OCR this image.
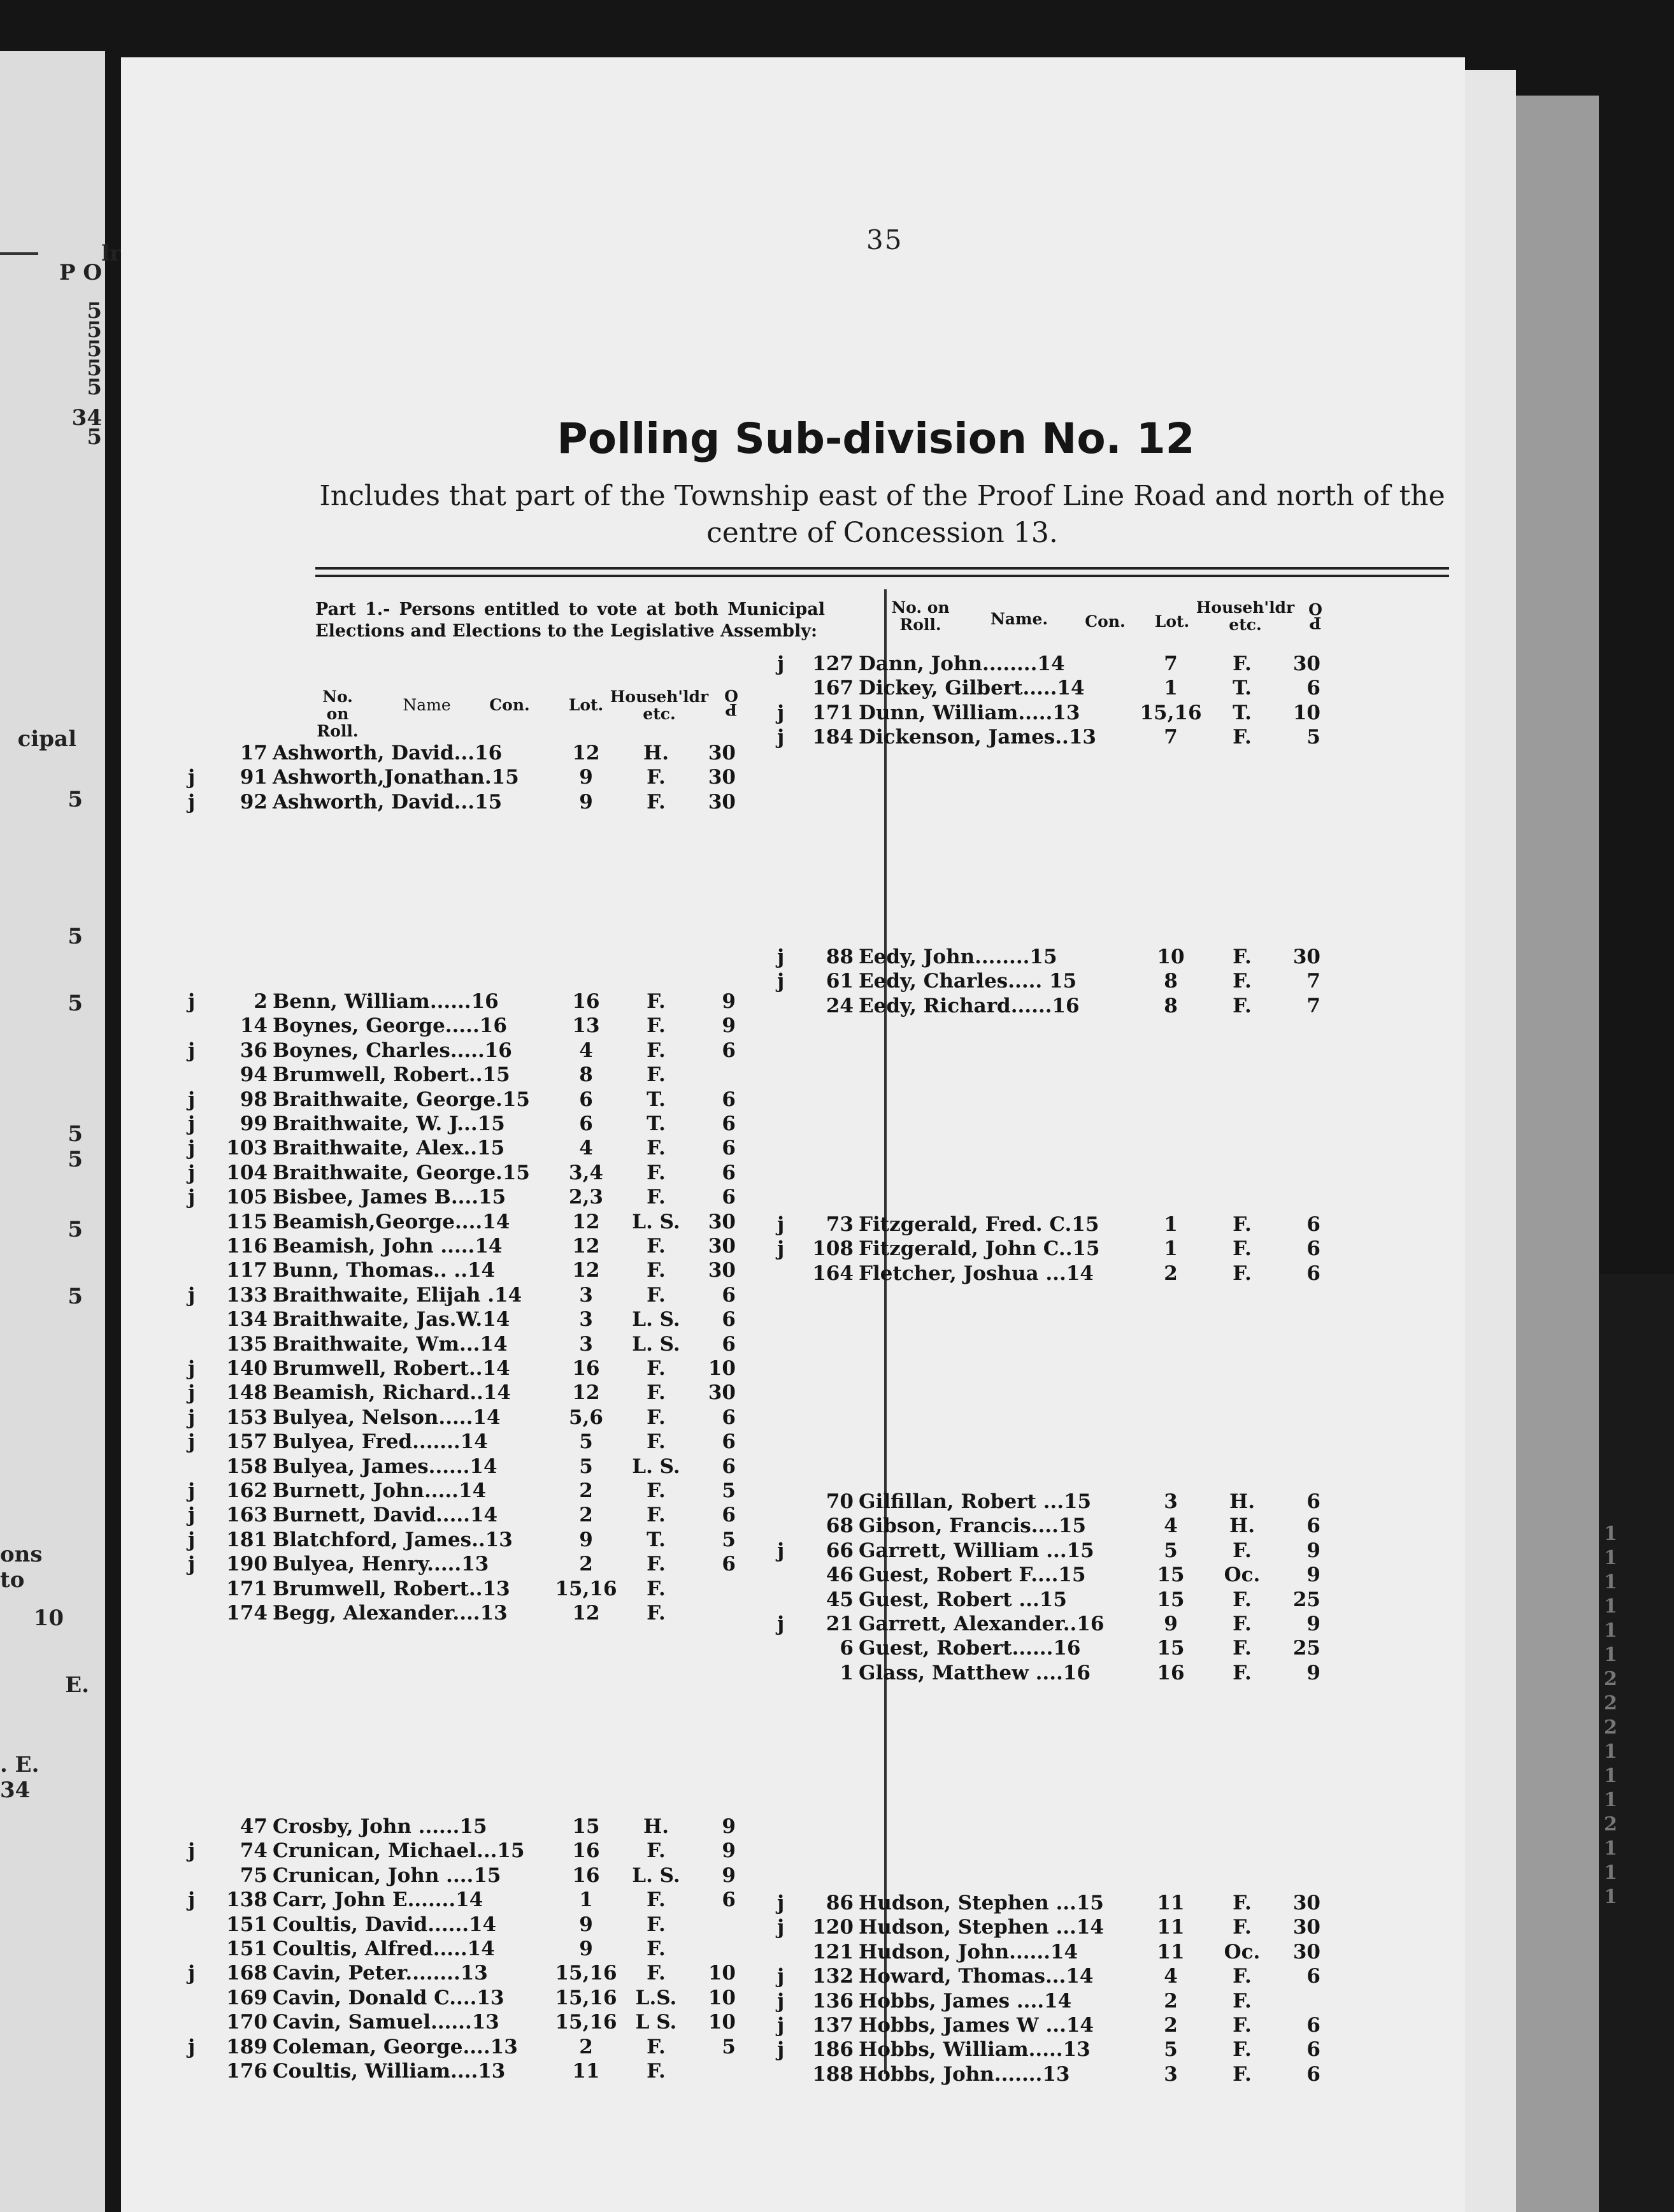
lr
P O
5
5
5
5
5
34
5
cipal
5
5
5
5
5
5
5
ons to
10
E.
. E. 34
1
1
1
1
1
1
2
2
2
1
1
1
2
1
1
1
35
Polling Sub-division No. 12
Includes that part of the Township east of the Proof Line Road and north of the
centre of Concession 13.
Part 1.- Persons entitled to vote at both Municipal Elections and Elections to the Legislative Assembly:
No. on
Roll.
Name	Con.	Lot. Househ'ldr
etc.	P O
No. on
Roll.	Name.	Con.	Lot.
Househ'ldr
etc.	P O
17 Ashworth, David...16	12	H.	30
j	91 Ashworth,Jonathan.15	9	F.	30
j	92 Ashworth, David...15	9	F.	30
j	2 Benn, William......16	16	F.	9
14 Boynes, George.....16	13	F.	9
j	36 Boynes, Charles.....16	4	F.	6
94 Brumwell, Robert..15	8	F.
j	98 Braithwaite, George.15	6	T.	6
j	99 Braithwaite, W. J...15	6	T.	6
j	103 Braithwaite, Alex..15	4	F.	6
j	104 Braithwaite, George.15	3,4	F.	6
j	105 Bisbee, James B....15	2,3	F.	6
115 Beamish,George....14	12	L. S.	30
116 Beamish, John .....14	12	F.	30
117 Bunn, Thomas.. ..14	12	F.	30
j	133 Braithwaite, Elijah .14	3	F.	6
134 Braithwaite, Jas.W.14	3	L. S.	6
135 Braithwaite, Wm...14	3	L. S.	6
j	140 Brumwell, Robert..14	16	F.	10
j	148 Beamish, Richard..14	12	F.	30
j	153 Bulyea, Nelson.....14	5,6	F.	6
j	157 Bulyea, Fred.......14	5	F.	6
158 Bulyea, James......14	5	L. S.	6
j	162 Burnett, John.....14	2	F.	5
j	163 Burnett, David.....14	2	F.	6
j	181 Blatchford, James..13	9	T.	5
j	190 Bulyea, Henry.....13	2	F.	6
171 Brumwell, Robert..13	15,16	F.
174 Begg, Alexander....13	12	F.
47 Crosby, John ......15	15	H.	9
j	74 Crunican, Michael...15	16	F.	9
75 Crunican, John ....15	16	L. S.	9
j	138 Carr, John E.......14	1	F.	6
151 Coultis, David......14	9	F.
151 Coultis, Alfred.....14	9	F.
j	168 Cavin, Peter........13	15,16	F.	10
169 Cavin, Donald C....13	15,16 L.S.	10
170 Cavin, Samuel......13	15,16 L S.	10
j	189 Coleman, George....13	2	F.	5
176 Coultis, William....13	11	F.
j	127 Dann, John........14	7	F.	30
167 Dickey, Gilbert.....14	1	T.	6
j	171 Dunn, William.....13	15,16	T.	10
j	184 Dickenson, James..13	7	F.	5
j	88 Eedy, John........15	10	F.	30
j	61 Eedy, Charles..... 15	8	F.	7
24 Eedy, Richard......16	8	F.	7
j	73 Fitzgerald, Fred. C.15	1	F.	6
j	108 Fitzgerald, John C..15	1	F.	6
164 Fletcher, Joshua ...14	2	F.	6
70 Gilfillan, Robert ...15	3	H.	6
68 Gibson, Francis....15	4	H.	6
j	66 Garrett, William ...15	5	F.	9
46 Guest, Robert F....15	15	Oc.	9
45 Guest, Robert ...15	15	F.	25
j	21 Garrett, Alexander..16	9	F.	9
6 Guest, Robert......16	15	F.	25
1 Glass, Matthew ....16	16	F.	9
j	86 Hudson, Stephen ...15	11	F.	30
j	120 Hudson, Stephen ...14	11	F.	30
121 Hudson, John......14	11	Oc.	30
j	132 Howard, Thomas...14	4	F.	6
j	136 Hobbs, James ....14	2	F.
j	137 Hobbs, James W ...14	2	F.	6
j	186 Hobbs, William.....13	5	F.	6
188 Hobbs, John.......13	3	F.	6
